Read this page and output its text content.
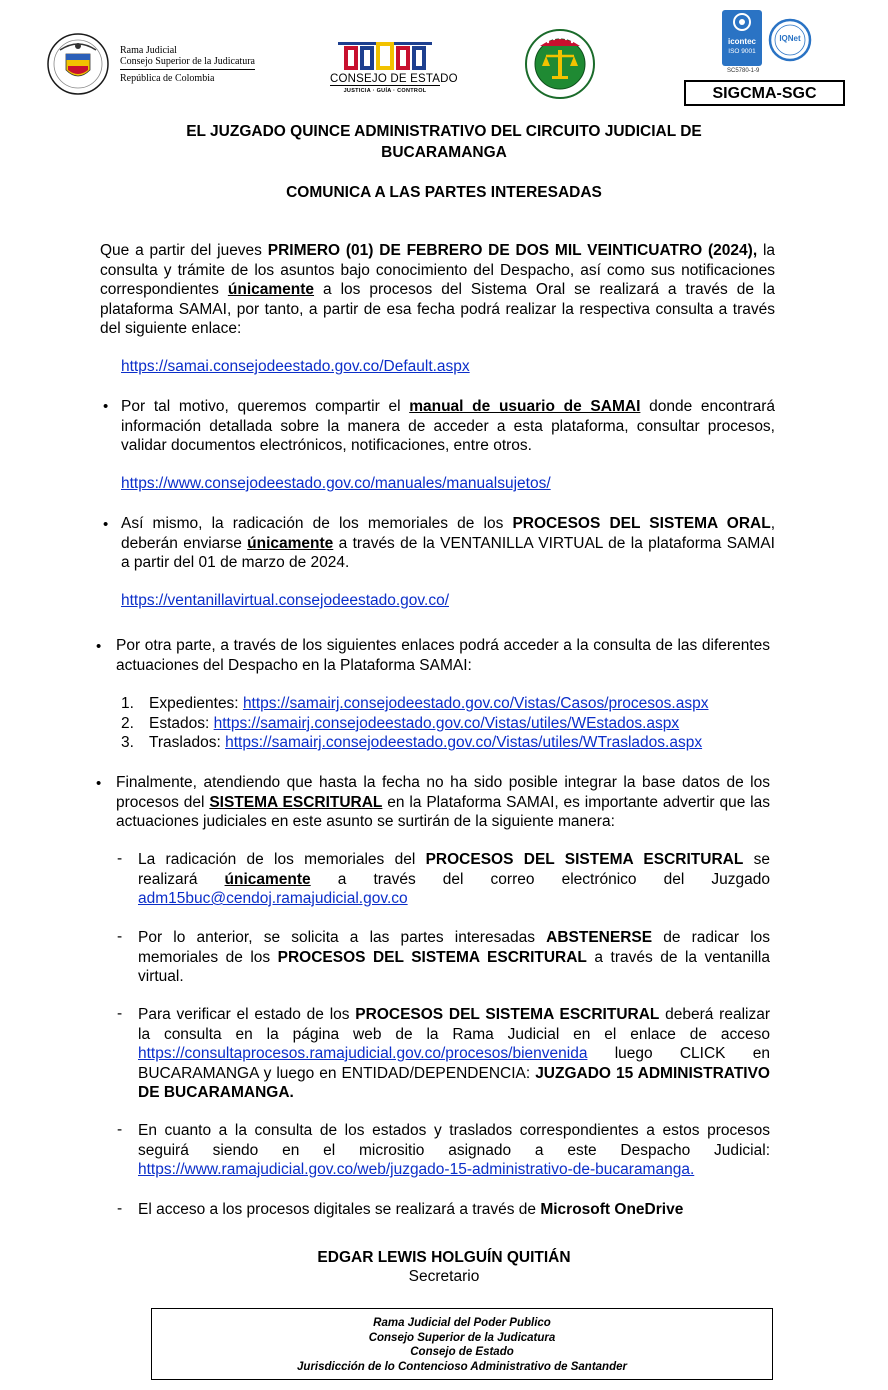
Rama Judicial
Consejo Superior de la Judicatura
República de Colombia	CONSEJO DE ESTADO
JUSTICIA · GUÍA · CONTROL
icontec
ISO 9001
SC5780-1-9
IQNet
SIGCMA-SGC
EL JUZGADO QUINCE ADMINISTRATIVO DEL CIRCUITO JUDICIAL DE
BUCARAMANGA
COMUNICA A LAS PARTES INTERESADAS
Que a partir del jueves PRIMERO (01) DE FEBRERO DE DOS MIL VEINTICUATRO (2024), la consulta y trámite de los asuntos bajo conocimiento del Despacho, así como sus notificaciones correspondientes únicamente a los procesos del Sistema Oral se realizará a través de la plataforma SAMAI, por tanto, a partir de esa fecha podrá realizar la respectiva consulta a través del siguiente enlace:
https://samai.consejodeestado.gov.co/Default.aspx
• Por tal motivo, queremos compartir el manual de usuario de SAMAI donde encontrará información detallada sobre la manera de acceder a esta plataforma, consultar procesos, validar documentos electrónicos, notificaciones, entre otros.
https://www.consejodeestado.gov.co/manuales/manualsujetos/
• Así mismo, la radicación de los memoriales de los PROCESOS DEL SISTEMA ORAL, deberán enviarse únicamente a través de la VENTANILLA VIRTUAL de la plataforma SAMAI a partir del 01 de marzo de 2024.
https://ventanillavirtual.consejodeestado.gov.co/
• Por otra parte, a través de los siguientes enlaces podrá acceder a la consulta de las diferentes actuaciones del Despacho en la Plataforma SAMAI:
1. Expedientes: https://samairj.consejodeestado.gov.co/Vistas/Casos/procesos.aspx
2. Estados: https://samairj.consejodeestado.gov.co/Vistas/utiles/WEstados.aspx
3. Traslados: https://samairj.consejodeestado.gov.co/Vistas/utiles/WTraslados.aspx
• Finalmente, atendiendo que hasta la fecha no ha sido posible integrar la base datos de los procesos del SISTEMA ESCRITURAL en la Plataforma SAMAI, es importante advertir que las actuaciones judiciales en este asunto se surtirán de la siguiente manera:
- La radicación de los memoriales del PROCESOS DEL SISTEMA ESCRITURAL se realizará únicamente a través del correo electrónico del Juzgado adm15buc@cendoj.ramajudicial.gov.co
- Por lo anterior, se solicita a las partes interesadas ABSTENERSE de radicar los memoriales de los PROCESOS DEL SISTEMA ESCRITURAL a través de la ventanilla virtual.
- Para verificar el estado de los PROCESOS DEL SISTEMA ESCRITURAL deberá realizar la consulta en la página web de la Rama Judicial en el enlace de acceso https://consultaprocesos.ramajudicial.gov.co/procesos/bienvenida luego CLICK en BUCARAMANGA y luego en ENTIDAD/DEPENDENCIA: JUZGADO 15 ADMINISTRATIVO DE BUCARAMANGA.
- En cuanto a la consulta de los estados y traslados correspondientes a estos procesos seguirá siendo en el micrositio asignado a este Despacho Judicial: https://www.ramajudicial.gov.co/web/juzgado-15-administrativo-de-bucaramanga.
- El acceso a los procesos digitales se realizará a través de Microsoft OneDrive
EDGAR LEWIS HOLGUÍN QUITIÁN
Secretario
Rama Judicial del Poder Publico
Consejo Superior de la Judicatura
Consejo de Estado
Jurisdicción de lo Contencioso Administrativo de Santander
